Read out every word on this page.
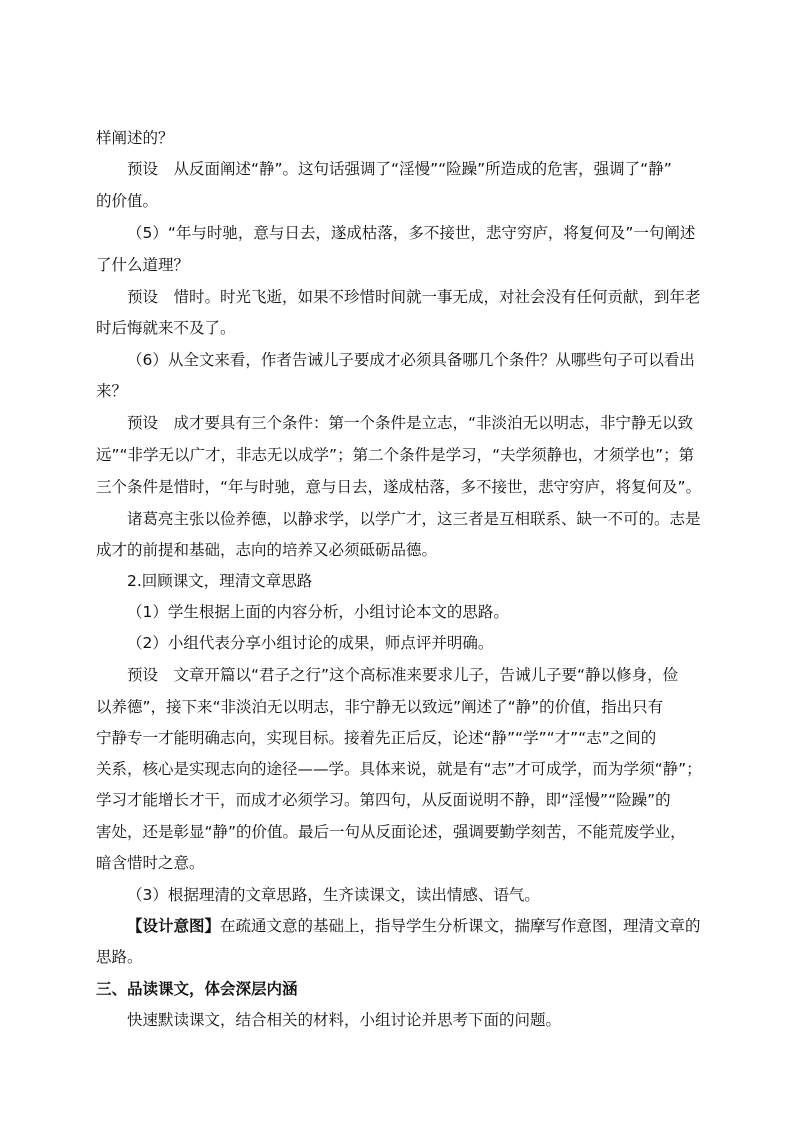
样阐述的？
预设　从反面阐述“静”。这句话强调了“淫慢”“险躁”所造成的危害，强调了“静”
的价值。
（5）“年与时驰，意与日去，遂成枯落，多不接世，悲守穷庐，将复何及”一句阐述
了什么道理？
预设　惜时。时光飞逝，如果不珍惜时间就一事无成，对社会没有任何贡献，到年老
时后悔就来不及了。
（6）从全文来看，作者告诫儿子要成才必须具备哪几个条件？从哪些句子可以看出
来？
预设　成才要具有三个条件：第一个条件是立志，“非淡泊无以明志，非宁静无以致
远”“非学无以广才，非志无以成学”；第二个条件是学习，“夫学须静也，才须学也”；第
三个条件是惜时，“年与时驰，意与日去，遂成枯落，多不接世，悲守穷庐，将复何及”。
诸葛亮主张以俭养德，以静求学，以学广才，这三者是互相联系、缺一不可的。志是
成才的前提和基础，志向的培养又必须砥砺品德。
2.回顾课文，理清文章思路
（1）学生根据上面的内容分析，小组讨论本文的思路。
（2）小组代表分享小组讨论的成果，师点评并明确。
预设　文章开篇以“君子之行”这个高标准来要求儿子，告诫儿子要“静以修身，俭
以养德”，接下来“非淡泊无以明志，非宁静无以致远”阐述了“静”的价值，指出只有
宁静专一才能明确志向，实现目标。接着先正后反，论述“静”“学”“才”“志”之间的
关系，核心是实现志向的途径——学。具体来说，就是有“志”才可成学，而为学须“静”；
学习才能增长才干，而成才必须学习。第四句，从反面说明不静，即“淫慢”“险躁”的
害处，还是彰显“静”的价值。最后一句从反面论述，强调要勤学刻苦，不能荒废学业，
暗含惜时之意。
（3）根据理清的文章思路，生齐读课文，读出情感、语气。
【设计意图】在疏通文意的基础上，指导学生分析课文，揣摩写作意图，理清文章的
思路。
三、品读课文，体会深层内涵
快速默读课文，结合相关的材料，小组讨论并思考下面的问题。
